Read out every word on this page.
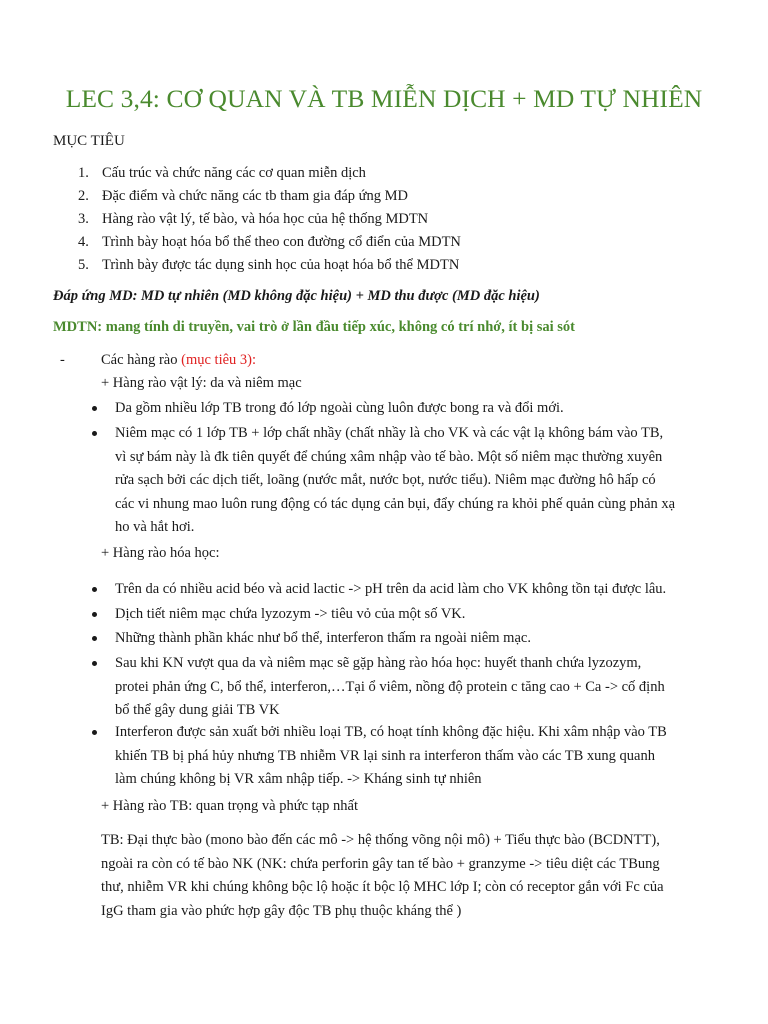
LEC 3,4: CƠ QUAN VÀ TB MIỄN DỊCH + MD TỰ NHIÊN
MỤC TIÊU
1. Cấu trúc và chức năng các cơ quan miễn dịch
2. Đặc điểm và chức năng các tb tham gia đáp ứng MD
3. Hàng rào vật lý, tế bào, và hóa học của hệ thống MDTN
4. Trình bày hoạt hóa bổ thể theo con đường cổ điển của MDTN
5. Trình bày được tác dụng sinh học của hoạt hóa bổ thể MDTN
Đáp ứng MD: MD tự nhiên (MD không đặc hiệu) + MD thu được (MD đặc hiệu)
MDTN: mang tính di truyền, vai trò ở lần đầu tiếp xúc, không có trí nhớ, ít bị sai sót
- Các hàng rào (mục tiêu 3):
+ Hàng rào vật lý: da và niêm mạc
Da gồm nhiều lớp TB trong đó lớp ngoài cùng luôn được bong ra và đổi mới.
Niêm mạc có 1 lớp TB + lớp chất nhầy (chất nhầy là cho VK và các vật lạ không bám vào TB,
vì sự bám này là đk tiên quyết để chúng xâm nhập vào tế bào. Một số niêm mạc thường xuyên
rửa sạch bởi các dịch tiết, loãng (nước mắt, nước bọt, nước tiểu). Niêm mạc đường hô hấp có
các vi nhung mao luôn rung động có tác dụng cản bụi, đẩy chúng ra khỏi phế quản cùng phản xạ
ho và hắt hơi.
+ Hàng rào hóa học:
Trên da có nhiều acid béo và acid lactic -> pH trên da acid làm cho VK không tồn tại được lâu.
Dịch tiết niêm mạc chứa lyzozym -> tiêu vỏ của một số VK.
Những thành phần khác như bổ thể, interferon thấm ra ngoài niêm mạc.
Sau khi KN vượt qua da và niêm mạc sẽ gặp hàng rào hóa học: huyết thanh chứa lyzozym,
protei phản ứng C, bổ thể, interferon,…Tại ổ viêm, nồng độ protein c tăng cao + Ca -> cố định
bổ thể gây dung giải TB VK
Interferon được sản xuất bởi nhiều loại TB, có hoạt tính không đặc hiệu. Khi xâm nhập vào TB
khiến TB bị phá hủy nhưng TB nhiễm VR lại sinh ra interferon thấm vào các TB xung quanh
làm chúng không bị VR xâm nhập tiếp. -> Kháng sinh tự nhiên
+ Hàng rào TB: quan trọng và phức tạp nhất
TB: Đại thực bào (mono bào đến các mô -> hệ thống võng nội mô) + Tiểu thực bào (BCDNTT),
ngoài ra còn có tế bào NK (NK: chứa perforin gây tan tế bào + granzyme -> tiêu diệt các TBung
thư, nhiễm VR khi chúng không bộc lộ hoặc ít bộc lộ MHC lớp I; còn có receptor gắn với Fc của
IgG tham gia vào phức hợp gây độc TB phụ thuộc kháng thể )
